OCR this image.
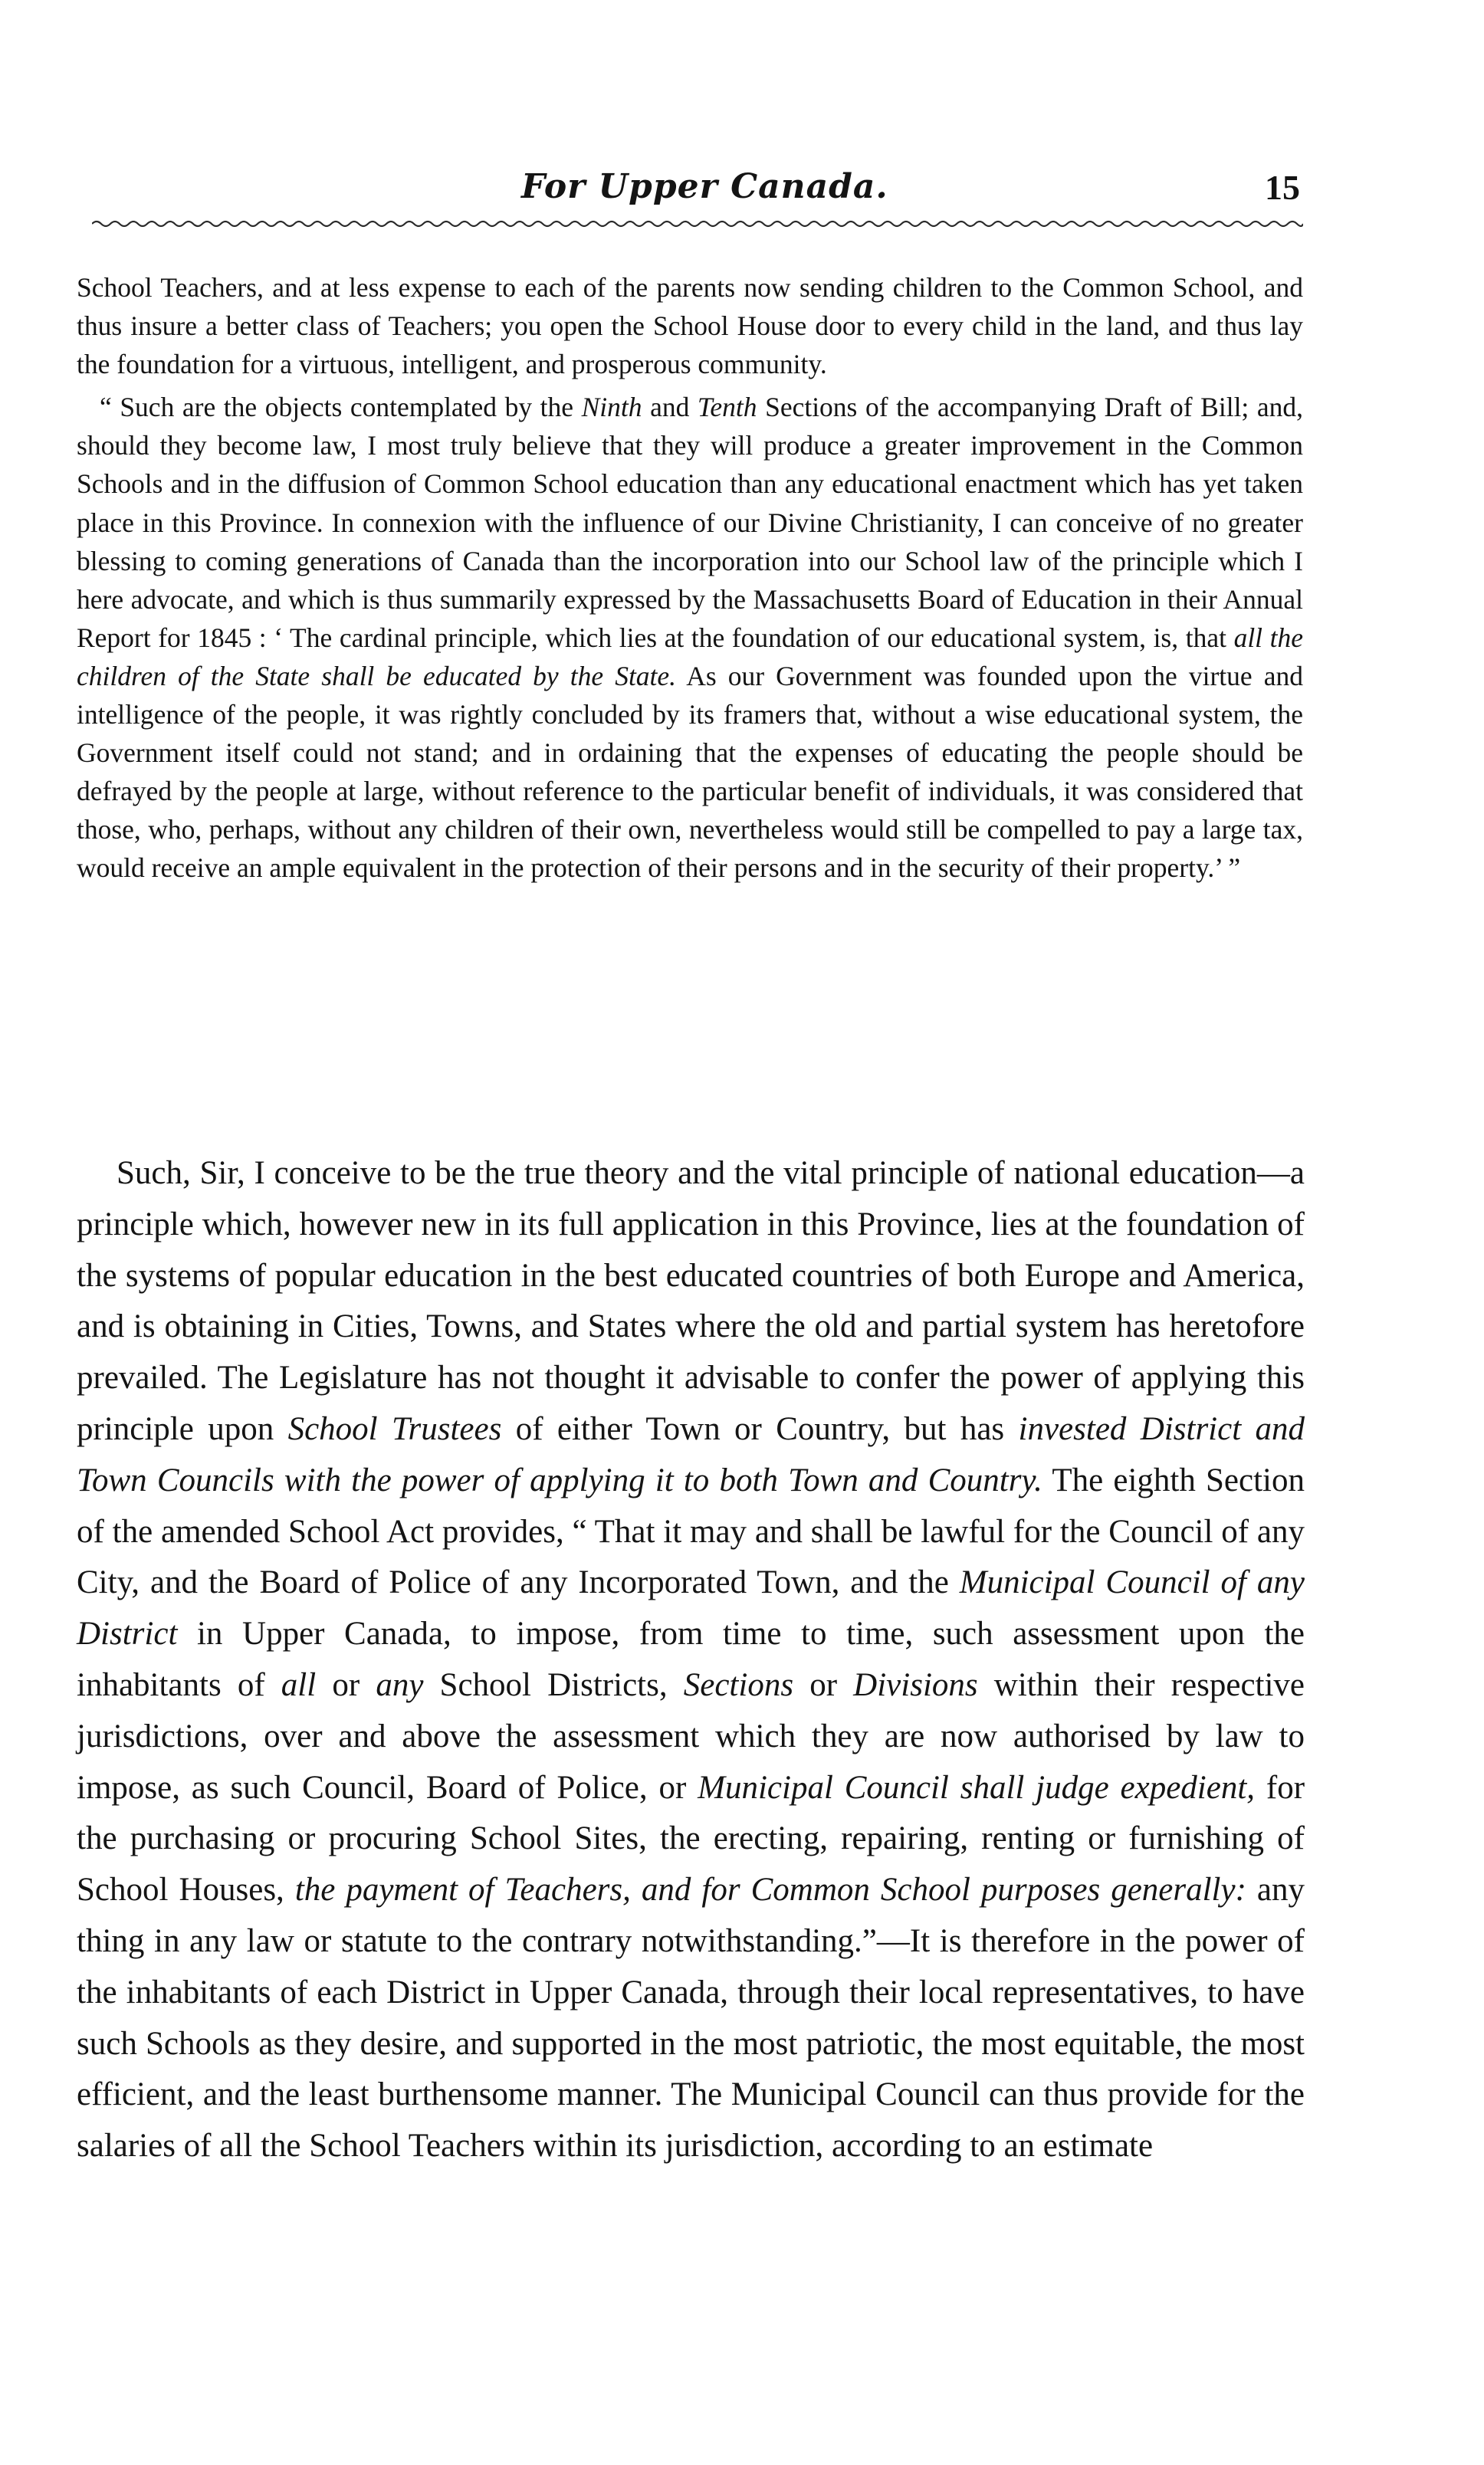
For Upper Canada.	15

School Teachers, and at less expense to each of the parents now sending children to the Common School, and thus insure a better class of Teachers; you open the School House door to every child in the land, and thus lay the foundation for a virtuous, intelligent, and prosperous community.

“ Such are the objects contemplated by the Ninth and Tenth Sections of the accompanying Draft of Bill; and, should they become law, I most truly believe that they will produce a greater improvement in the Common Schools and in the diffusion of Common School education than any educational enactment which has yet taken place in this Province. In connexion with the influence of our Divine Christianity, I can conceive of no greater blessing to coming generations of Canada than the incorporation into our School law of the principle which I here advocate, and which is thus summarily expressed by the Massachusetts Board of Education in their Annual Report for 1845 : ‘ The cardinal principle, which lies at the foundation of our educational system, is, that all the children of the State shall be educated by the State. As our Government was founded upon the virtue and intelligence of the people, it was rightly concluded by its framers that, without a wise educational system, the Government itself could not stand; and in ordaining that the expenses of educating the people should be defrayed by the people at large, without reference to the particular benefit of individuals, it was considered that those, who, perhaps, without any children of their own, nevertheless would still be compelled to pay a large tax, would receive an ample equivalent in the protection of their persons and in the security of their property.’ ”

Such, Sir, I conceive to be the true theory and the vital principle of national education—a principle which, however new in its full application in this Province, lies at the foundation of the systems of popular education in the best educated countries of both Europe and America, and is obtaining in Cities, Towns, and States where the old and partial system has heretofore prevailed. The Legislature has not thought it advisable to confer the power of applying this principle upon School Trustees of either Town or Country, but has invested District and Town Councils with the power of applying it to both Town and Country. The eighth Section of the amended School Act provides, “ That it may and shall be lawful for the Council of any City, and the Board of Police of any Incorporated Town, and the Municipal Council of any District in Upper Canada, to impose, from time to time, such assessment upon the inhabitants of all or any School Districts, Sections or Divisions within their respective jurisdictions, over and above the assessment which they are now authorised by law to impose, as such Council, Board of Police, or Municipal Council shall judge expedient, for the purchasing or procuring School Sites, the erecting, repairing, renting or furnishing of School Houses, the payment of Teachers, and for Common School purposes generally: any thing in any law or statute to the contrary notwithstanding.”—It is therefore in the power of the inhabitants of each District in Upper Canada, through their local representatives, to have such Schools as they desire, and supported in the most patriotic, the most equitable, the most efficient, and the least burthensome manner. The Municipal Council can thus provide for the salaries of all the School Teachers within its jurisdiction, according to an estimate
